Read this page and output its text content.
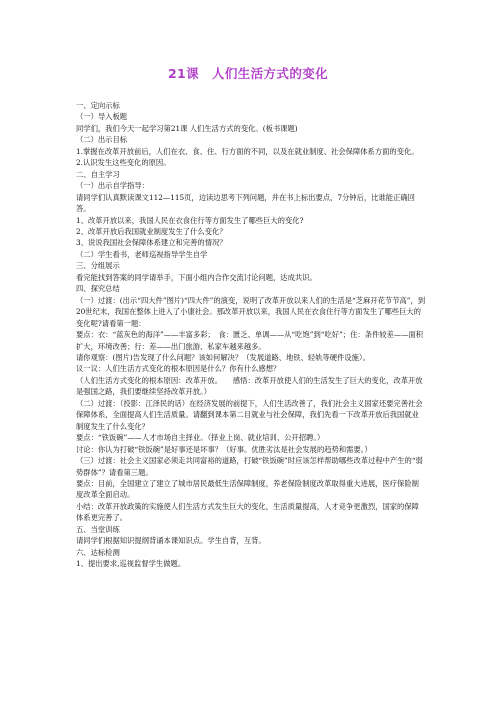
21课　人们生活方式的变化

一、定向示标

（一）导入板题

同学们，我们今天一起学习第21课 人们生活方式的变化。(板书课题)

（二）出示目标

1.掌握在改革开放前后，人们在衣、食、住、行方面的不同，以及在就业制度、社会保障体系方面的变化。

2.认识发生这些变化的原因。

二、自主学习

（一）出示自学指导：

请同学们认真默读课文112—115页，边读边思考下列问题，并在书上标出要点，7分钟后，比谁能正确回答。

1、改革开放以来，我国人民在衣食住行等方面发生了哪些巨大的变化?

2、改革开放后我国就业制度发生了什么变化？

3、说说我国社会保障体系建立和完善的情况？

（二）学生看书，老师巡视指导学生自学

三、分组展示

看完能找到答案的同学请举手，下面小组内合作交流讨论问题，达成共识。

四、探究总结

（一）过渡：(出示“四大件”图片)“四大件”的演变，说明了改革开放以来人们的生活是“芝麻开花节节高”，到20世纪末，我国在整体上进入了小康社会。那改革开放以来，我国人民在衣食住行等方面发生了哪些巨大的变化呢?请看第一题：

要点：衣：“蓝灰色的海洋”——丰富多彩；　食：匮乏、单调——从“吃饱”到“吃好”；住：条件较差——面积扩大，环境改善；行：差——出门旅游、私家车越来越多。

请你观察：(图片)告发现了什么问题？该如何解决？（发展道路、地铁、轻轨等硬件设施）。

议一议：人们生活方式变化的根本原因是什么？你有什么感想？

（人们生活方式变化的根本原因：改革开放。　　感悟：改革开放使人们的生活发生了巨大的变化，改革开放是强国之路，我们要继续坚持改革开放。）

（二）过渡：（投影：江泽民的话）在经济发展的前提下，人们生活改善了，我们社会主义国家还要完善社会保障体系，全面提高人们生活质量。请翻到课本第二目就业与社会保障，我们先看一下改革开放后我国就业制度发生了什么变化？

要点：“铁饭碗”——人才市场自主择业。（择业上岗、就业培训、公开招聘。）

讨论：你认为打破“铁饭碗”是好事还是坏事？（好事。优胜劣汰是社会发展的趋势和需要。）

（三）过渡：社会主义国家必须走共同富裕的道路，打破“铁饭碗”时应该怎样帮助哪些改革过程中产生的“弱势群体”？请看第三题。

要点：目前，全国建立了建立了城市居民最低生活保障制度，养老保险制度改革取得重大进展，医疗保险制度改革全面启动。

小结：改革开放政策的实施使人们生活方式发生巨大的变化，生活质量提高，人才竞争更激烈，国家的保障体系更完善了。

五、当堂训练

请同学们根据知识提纲背诵本课知识点。学生自背，互背。

六、达标检测

1、提出要求,巡视监督学生做题。
